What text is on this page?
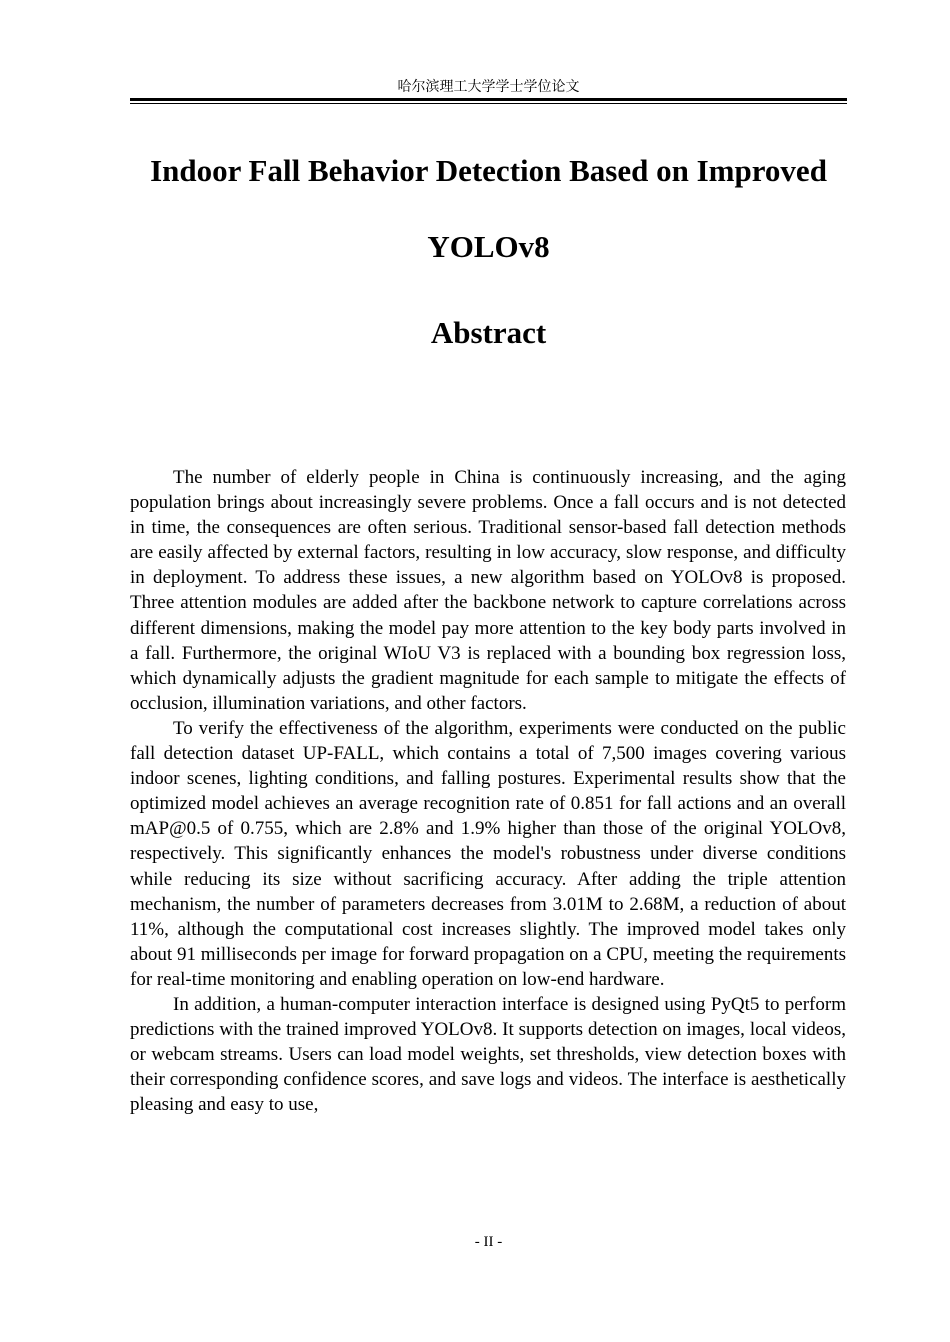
哈尔滨理工大学学士学位论文
Indoor Fall Behavior Detection Based on Improved
YOLOv8
Abstract

The number of elderly people in China is continuously increasing, and the aging population brings about increasingly severe problems. Once a fall occurs and is not detected in time, the consequences are often serious. Traditional sensor-based fall detection methods are easily affected by external factors, resulting in low accuracy, slow response, and difficulty in deployment. To address these issues, a new algorithm based on YOLOv8 is proposed. Three attention modules are added after the backbone network to capture correlations across different dimensions, making the model pay more attention to the key body parts involved in a fall. Furthermore, the original WIoU V3 is replaced with a bounding box regression loss, which dynamically adjusts the gradient magnitude for each sample to mitigate the effects of occlusion, illumination variations, and other factors.

To verify the effectiveness of the algorithm, experiments were conducted on the public fall detection dataset UP-FALL, which contains a total of 7,500 images covering various indoor scenes, lighting conditions, and falling postures. Experimental results show that the optimized model achieves an average recognition rate of 0.851 for fall actions and an overall mAP@0.5 of 0.755, which are 2.8% and 1.9% higher than those of the original YOLOv8, respectively. This significantly enhances the model's robustness under diverse conditions while reducing its size without sacrificing accuracy. After adding the triple attention mechanism, the number of parameters decreases from 3.01M to 2.68M, a reduction of about 11%, although the computational cost increases slightly. The improved model takes only about 91 milliseconds per image for forward propagation on a CPU, meeting the requirements for real-time monitoring and enabling operation on low-end hardware.

In addition, a human-computer interaction interface is designed using PyQt5 to perform predictions with the trained improved YOLOv8. It supports detection on images, local videos, or webcam streams. Users can load model weights, set thresholds, view detection boxes with their corresponding confidence scores, and save logs and videos. The interface is aesthetically pleasing and easy to use,

- II -
